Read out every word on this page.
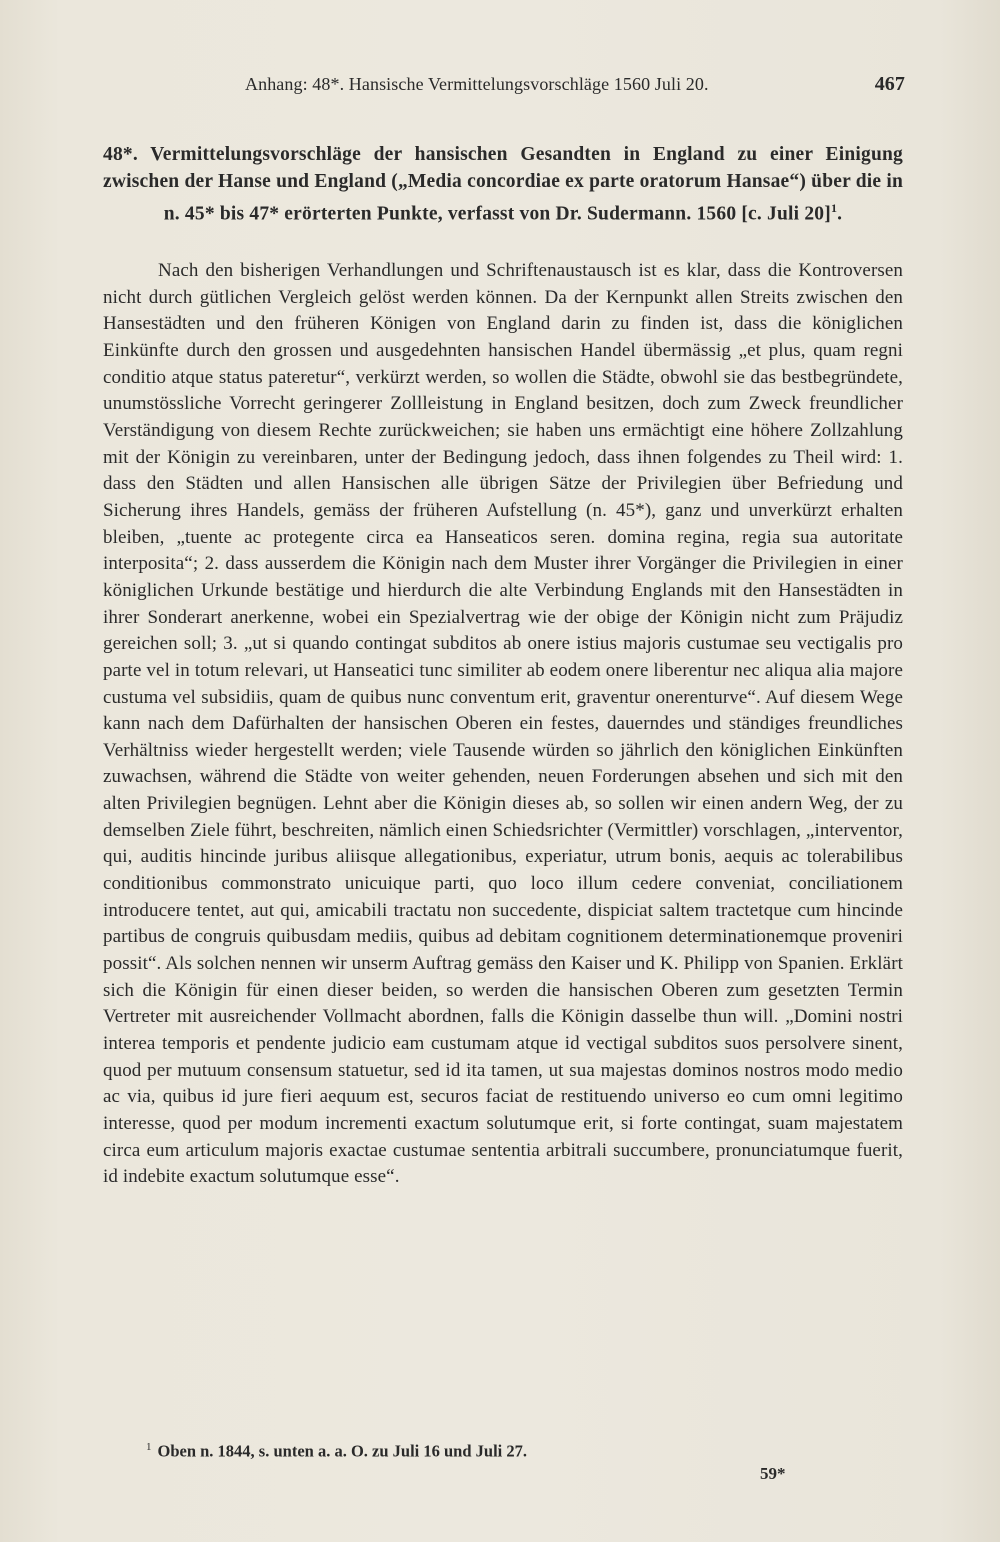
Anhang: 48*. Hansische Vermittelungsvorschläge 1560 Juli 20.	467
48*. Vermittelungsvorschläge der hansischen Gesandten in England zu einer Einigung zwischen der Hanse und England („Media concordiae ex parte oratorum Hansae“) über die in n. 45* bis 47* erörterten Punkte, verfasst von Dr. Sudermann. 1560 [c. Juli 20]$^1$.
Nach den bisherigen Verhandlungen und Schriftenaustausch ist es klar, dass die Kontroversen nicht durch gütlichen Vergleich gelöst werden können. Da der Kernpunkt allen Streits zwischen den Hansestädten und den früheren Königen von England darin zu finden ist, dass die königlichen Einkünfte durch den grossen und ausgedehnten hansischen Handel übermässig „et plus, quam regni conditio atque status pateretur“, verkürzt werden, so wollen die Städte, obwohl sie das bestbegründete, unumstössliche Vorrecht geringerer Zollleistung in England besitzen, doch zum Zweck freundlicher Verständigung von diesem Rechte zurückweichen; sie haben uns ermächtigt eine höhere Zollzahlung mit der Königin zu vereinbaren, unter der Bedingung jedoch, dass ihnen folgendes zu Theil wird: 1. dass den Städten und allen Hansischen alle übrigen Sätze der Privilegien über Befriedung und Sicherung ihres Handels, gemäss der früheren Aufstellung (n. 45*), ganz und unverkürzt erhalten bleiben, „tuente ac protegente circa ea Hanseaticos seren. domina regina, regia sua autoritate interposita“; 2. dass ausserdem die Königin nach dem Muster ihrer Vorgänger die Privilegien in einer königlichen Urkunde bestätige und hierdurch die alte Verbindung Englands mit den Hansestädten in ihrer Sonderart anerkenne, wobei ein Spezialvertrag wie der obige der Königin nicht zum Präjudiz gereichen soll; 3. „ut si quando contingat subditos ab onere istius majoris custumae seu vectigalis pro parte vel in totum relevari, ut Hanseatici tunc similiter ab eodem onere liberentur nec aliqua alia majore custuma vel subsidiis, quam de quibus nunc conventum erit, graventur onerenturve“. Auf diesem Wege kann nach dem Dafürhalten der hansischen Oberen ein festes, dauerndes und ständiges freundliches Verhältniss wieder hergestellt werden; viele Tausende würden so jährlich den königlichen Einkünften zuwachsen, während die Städte von weiter gehenden, neuen Forderungen absehen und sich mit den alten Privilegien begnügen. Lehnt aber die Königin dieses ab, so sollen wir einen andern Weg, der zu demselben Ziele führt, beschreiten, nämlich einen Schiedsrichter (Vermittler) vorschlagen, „interventor, qui, auditis hincinde juribus aliisque allegationibus, experiatur, utrum bonis, aequis ac tolerabilibus conditionibus commonstrato unicuique parti, quo loco illum cedere conveniat, conciliationem introducere tentet, aut qui, amicabili tractatu non succedente, dispiciat saltem tractetque cum hincinde partibus de congruis quibusdam mediis, quibus ad debitam cognitionem determinationemque proveniri possit“. Als solchen nennen wir unserm Auftrag gemäss den Kaiser und K. Philipp von Spanien. Erklärt sich die Königin für einen dieser beiden, so werden die hansischen Oberen zum gesetzten Termin Vertreter mit ausreichender Vollmacht abordnen, falls die Königin dasselbe thun will. „Domini nostri interea temporis et pendente judicio eam custumam atque id vectigal subditos suos persolvere sinent, quod per mutuum consensum statuetur, sed id ita tamen, ut sua majestas dominos nostros modo medio ac via, quibus id jure fieri aequum est, securos faciat de restituendo universo eo cum omni legitimo interesse, quod per modum incrementi exactum solutumque erit, si forte contingat, suam majestatem circa eum articulum majoris exactae custumae sententia arbitrali succumbere, pronunciatumque fuerit, id indebite exactum solutumque esse“.
$^1$ Oben n. 1844, s. unten a. a. O. zu Juli 16 und Juli 27.
59*
